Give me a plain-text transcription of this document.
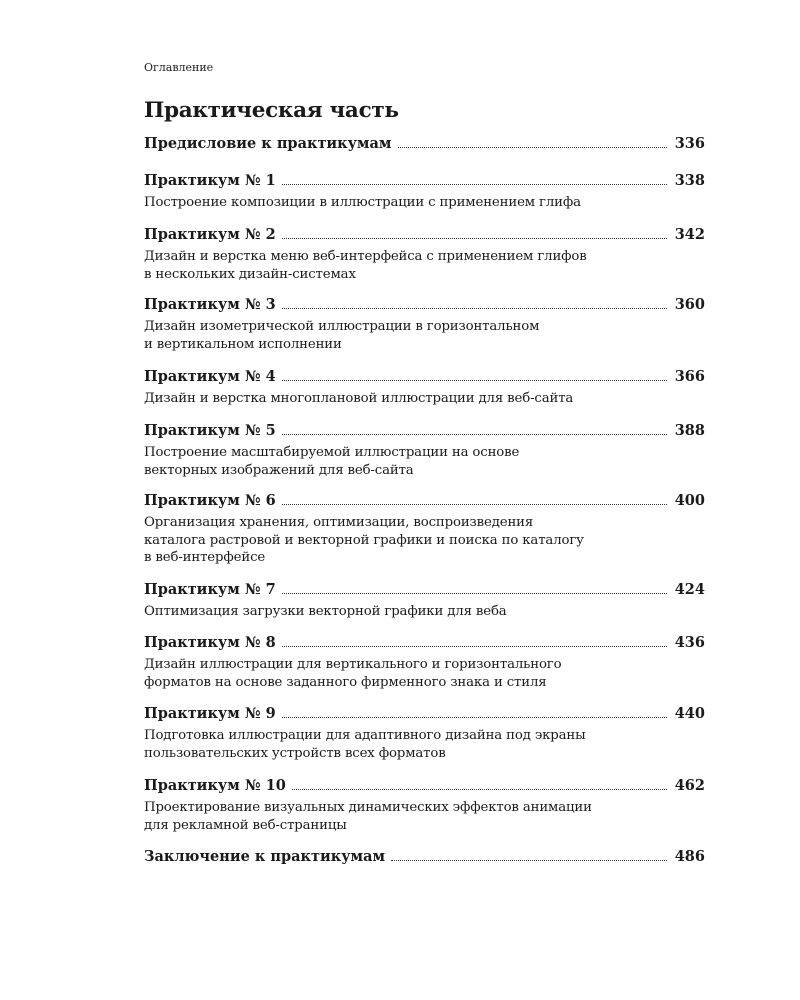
Оглавление
Практическая часть
Предисловие к практикумам	336
Практикум № 1	338
Построение композиции в иллюстрации с применением глифа
Практикум № 2	342
Дизайн и верстка меню веб-интерфейса с применением глифов
в нескольких дизайн-системах
Практикум № 3	360
Дизайн изометрической иллюстрации в горизонтальном
и вертикальном исполнении
Практикум № 4	366
Дизайн и верстка многоплановой иллюстрации для веб-сайта
Практикум № 5	388
Построение масштабируемой иллюстрации на основе
векторных изображений для веб-сайта
Практикум № 6	400
Организация хранения, оптимизации, воспроизведения
каталога растровой и векторной графики и поиска по каталогу
в веб-интерфейсе
Практикум № 7	424
Оптимизация загрузки векторной графики для веба
Практикум № 8	436
Дизайн иллюстрации для вертикального и горизонтального
форматов на основе заданного фирменного знака и стиля
Практикум № 9	440
Подготовка иллюстрации для адаптивного дизайна под экраны
пользовательских устройств всех форматов
Практикум № 10	462
Проектирование визуальных динамических эффектов анимации
для рекламной веб-страницы
Заключение к практикумам	486
